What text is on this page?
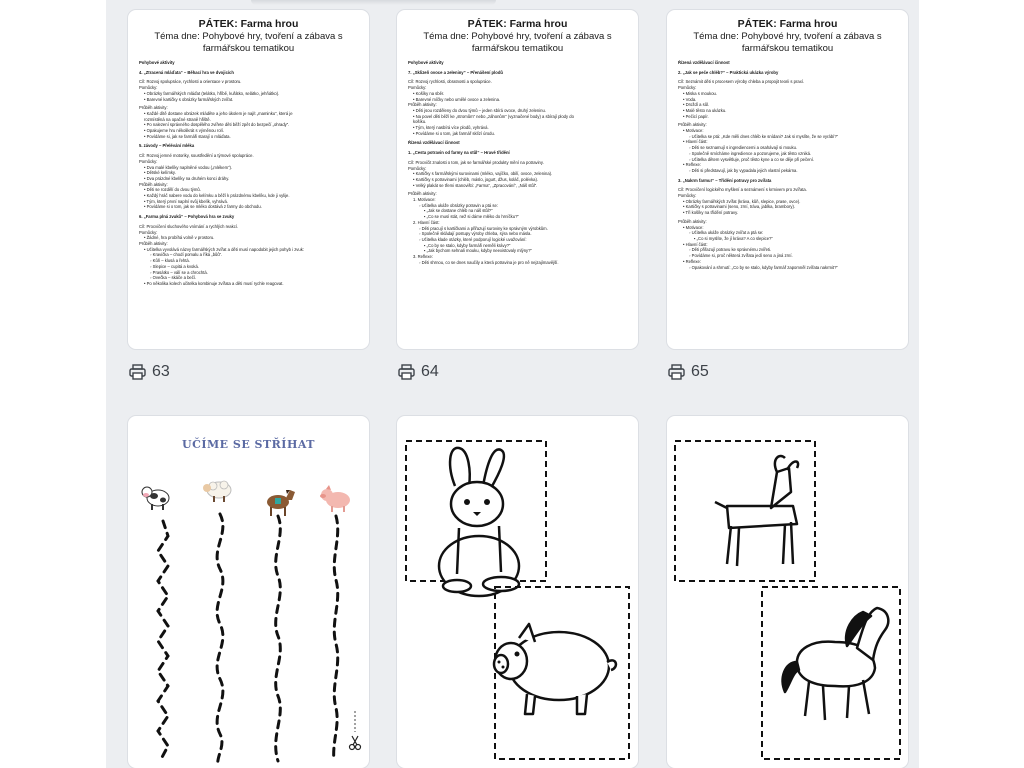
PÁTEK: Farma hrou
Téma dne: Pohybové hry, tvoření a zábava s farmářskou tematikou
Pohybové aktivity
4. „Ztracená mláďata“ – Běhací hra ve dvojicích
Cíl: Rozvoj spolupráce, rychlosti a orientace v prostoru.
Pomůcky:
• Obrázky farmářských mláďat (telátko, hříbě, kuřátko, selátko, jehňátko).
• Barevné kartičky s obrázky farmářských zvířat.
Průběh aktivity:
• Každé dítě dostane obrázek mláděte a jeho úkolem je najít „maminku“, která je
rozmístěná na opačné straně hřiště.
• Po nalezení správného dospělého zvířete děti běží zpět do bezpečí „ohrady“.
• Opakujeme hru několikrát s výměnou rolí.
• Povídáme si, jak se farmáři starají o mláďata.
5. závody – Přelévání mléka
Cíl: Rozvoj jemné motoriky, soustředění a týmové spolupráce.
Pomůcky:
• Dva malé kbelíky naplněné vodou („mlékem“).
• Dětské kelímky.
• Dva prázdné kbelíky na druhém konci dráhy.
Průběh aktivity:
• Děti se rozdělí do dvou týmů.
• Každý hráč nabere vodu do kelímku a běží k prázdnému kbelíku, kde ji vylije.
• Tým, který první naplní svůj kbelík, vyhrává.
• Povídáme si o tom, jak se mléko dostává z farmy do obchodu.
6. „Farma plná zvuků“ – Pohybová hra se zvuky
Cíl: Procvičení sluchového vnímání a rychlých reakcí.
Pomůcky:
• Žádné, hra probíhá volně v prostoru.
Průběh aktivity:
• Učitelka vyvolává názvy farmářských zvířat a děti musí napodobit jejich pohyb i zvuk:
◦ Kravička – chodí pomalu a říká „bůů“.
◦ Kůň – klusá a řehtá.
◦ Slepice – cupitá a kvoká.
◦ Prasátko – válí se a chrochtá.
◦ Ovečka – skáče a bečí.
• Po několika kolech učitelka kombinuje zvířata a děti musí rychle reagovat.
PÁTEK: Farma hrou
Téma dne: Pohybové hry, tvoření a zábava s farmářskou tematikou
Pohybové aktivity
7. „Sklizeň ovoce a zeleniny“ – Přenášení plodů
Cíl: Rozvoj rychlosti, obratnosti a spolupráce.
Pomůcky:
• Košíky na sběr.
• Barevné míčky nebo umělé ovoce a zelenina.
Průběh aktivity:
• Děti jsou rozděleny do dvou týmů – jeden sbírá ovoce, druhý zeleninu.
• Na povel děti běží ke „stromům“ nebo „záhonům“ (vyznačené body) a sbírají plody do
košíku.
• Tým, který nasbírá více plodů, vyhrává.
• Povídáme si o tom, jak farmář sklízí úrodu.
Řízená vzdělávací činnost
1. „Cesta potravin od farmy na stůl“ – Hravé třídění
Cíl: Procvičit znalosti o tom, jak se farmářské produkty mění na potraviny.
Pomůcky:
• Kartičky s farmářskými surovinami (mléko, vajíčko, obilí, ovoce, zelenina).
• Kartičky s potravinami (chléb, máslo, jogurt, džus, koláč, polévka).
• Velký plakát se třemi stanovišti: „Farma“, „Zpracování“, „Náš stůl“.
Průběh aktivity:
1. Motivace:
◦ Učitelka ukáže obrázky potravin a ptá se:
▪ „Jak se dostane chléb na náš stůl?“
▪ „Co se musí stát, než si dáme mléko do hrníčku?“
2. Hlavní část:
◦ Děti pracují s kartičkami a přiřazují suroviny ke správným výrobkům.
◦ Společně skládají postupy výroby chleba, sýra nebo másla.
◦ Učitelka klade otázky, které podporují logické uvažování:
▪ „Co by se stalo, kdyby farmáři neměli krávy?“
▪ „Jak bychom sehnali mouku, kdyby neexistovaly mlýny?“
3. Reflexe:
◦ Děti shrnou, co se dnes naučily a která potravina je pro ně nejzajímavější.
PÁTEK: Farma hrou
Téma dne: Pohybové hry, tvoření a zábava s farmářskou tematikou
Řízená vzdělávací činnost
2. „Jak se peče chléb?“ – Praktická ukázka výroby
Cíl: Seznámit děti s procesem výroby chleba a propojit teorii s praxí.
Pomůcky:
• Miska s moukou.
• Voda.
• Droždí a sůl.
• Malé těsto na ukázku.
• Pečicí papír.
Průběh aktivity:
• Motivace:
◦ Učitelka se ptá: „Kde měli dnes chléb ke snídani? Jak si myslíte, že se vyrábí?“
• Hlavní část:
◦ Děti se seznamují s ingrediencemi a osahávají si mouku.
◦ Společně smícháme ingredience a pozorujeme, jak těsto vzniká.
◦ Učitelka dětem vysvětluje, proč těsto kyne a co se děje při pečení.
• Reflexe:
◦ Děti si představují, jak by vypadala jejich vlastní pekárna.
3. „Nakrm farmu!“ – Třídění potravy pro zvířata
Cíl: Procvičení logického myšlení a seznámení s krmivem pro zvířata.
Pomůcky:
• Obrázky farmářských zvířat (kráva, kůň, slepice, prase, ovce).
• Kartičky s potravinami (seno, zrní, tráva, jablka, brambory).
• Tři košíky na třídění potravy.
Průběh aktivity:
• Motivace:
◦ Učitelka ukáže obrázky zvířat a ptá se:
▪ „Co si myslíte, že jí kráva? A co slepice?“
• Hlavní část:
◦ Děti přiřazují potravu ke správnému zvířeti.
◦ Povídáme si, proč některá zvířata jedí seno a jiná zrní.
• Reflexe:
◦ Opakování a shrnutí: „Co by se stalo, kdyby farmář zapomněl zvířata nakrmit?“
63	64	65
UČÍME SE STŘÍHAT
